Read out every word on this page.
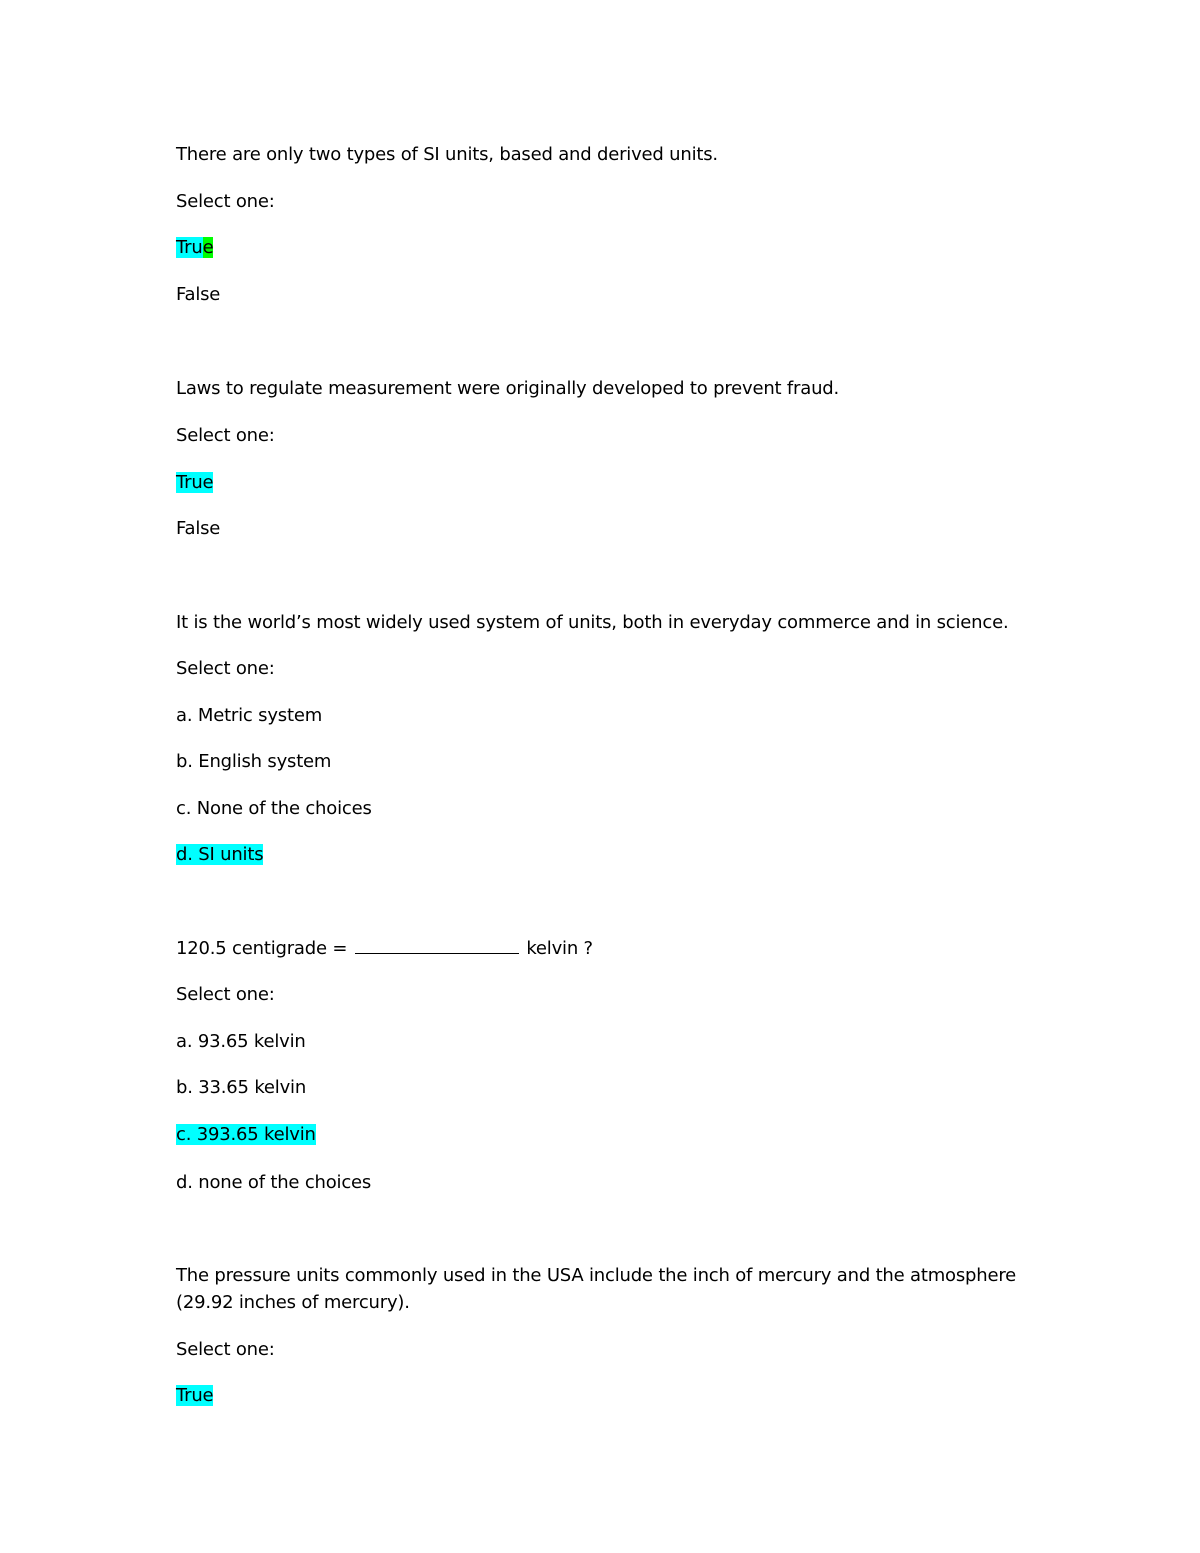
There are only two types of SI units, based and derived units.
Select one:
True
False
Laws to regulate measurement were originally developed to prevent fraud.
Select one:
True
False
It is the world’s most widely used system of units, both in everyday commerce and in science.
Select one:
a. Metric system
b. English system
c. None of the choices
d. SI units
120.5 centigrade =	kelvin ?
Select one:
a. 93.65 kelvin
b. 33.65 kelvin
c. 393.65 kelvin
d. none of the choices
The pressure units commonly used in the USA include the inch of mercury and the atmosphere
(29.92 inches of mercury).
Select one:
True
